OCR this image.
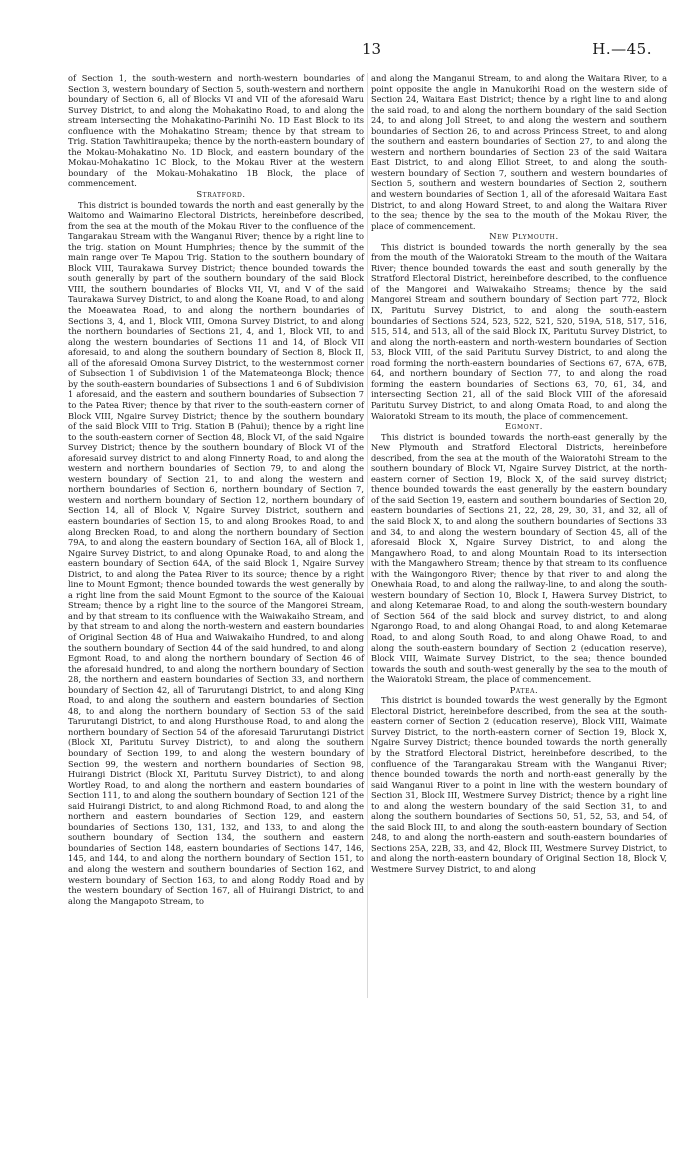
13	H.—45.

of Section 1, the south-western and north-western boundaries of Section 3, western boundary of Section 5, south-western and northern boundary of Section 6, all of Blocks VI and VII of the aforesaid Waru Survey District, to and along the Mohakatino Road, to and along the stream intersecting the Mohakatino-Parinihi No. 1D East Block to its confluence with the Mohakatino Stream; thence by that stream to Trig. Station Tawhitiraupeka; thence by the north-eastern boundary of the Mokau-Mohakatino No. 1D Block, and eastern boundary of the Mokau-Mohakatino 1C Block, to the Mokau River at the western boundary of the Mokau-Mohakatino 1B Block, the place of commencement.

Stratford.

This district is bounded towards the north and east generally by the Waitomo and Waimarino Electoral Districts, hereinbefore described, from the sea at the mouth of the Mokau River to the confluence of the Tangarakau Stream with the Wanganui River; thence by a right line to the trig. station on Mount Humphries; thence by the summit of the main range over Te Mapou Trig. Station to the southern boundary of Block VIII, Taurakawa Survey District; thence bounded towards the south generally by part of the southern boundary of the said Block VIII, the southern boundaries of Blocks VII, VI, and V of the said Taurakawa Survey District, to and along the Koane Road, to and along the Moeawatea Road, to and along the northern boundaries of Sections 3, 4, and 1, Block VIII, Omona Survey District, to and along the northern boundaries of Sections 21, 4, and 1, Block VII, to and along the western boundaries of Sections 11 and 14, of Block VII aforesaid, to and along the southern boundary of Section 8, Block II, all of the aforesaid Omona Survey District, to the westernmost corner of Subsection 1 of Subdivision 1 of the Matemateonga Block; thence by the south-eastern boundaries of Subsections 1 and 6 of Subdivision 1 aforesaid, and the eastern and southern boundaries of Subsection 7 to the Patea River; thence by that river to the south-eastern corner of Block VIII, Ngaire Survey District; thence by the southern boundary of the said Block VIII to Trig. Station B (Pahui); thence by a right line to the south-eastern corner of Section 48, Block VI, of the said Ngaire Survey District; thence by the southern boundary of Block VI of the aforesaid survey district to and along Finnerty Road, to and along the western and northern boundaries of Section 79, to and along the western boundary of Section 21, to and along the western and northern boundaries of Section 6, northern boundary of Section 7, western and northern boundary of Section 12, northern boundary of Section 14, all of Block V, Ngaire Survey District, southern and eastern boundaries of Section 15, to and along Brookes Road, to and along Brecken Road, to and along the northern boundary of Section 79A, to and along the eastern boundary of Section 16A, all of Block 1, Ngaire Survey District, to and along Opunake Road, to and along the eastern boundary of Section 64A, of the said Block 1, Ngaire Survey District, to and along the Patea River to its source; thence by a right line to Mount Egmont; thence bounded towards the west generally by a right line from the said Mount Egmont to the source of the Kaiouai Stream; thence by a right line to the source of the Mangorei Stream, and by that stream to its confluence with the Waiwakaiho Stream, and by that stream to and along the north-western and eastern boundaries of Original Section 48 of Hua and Waiwakaiho Hundred, to and along the southern boundary of Section 44 of the said hundred, to and along Egmont Road, to and along the northern boundary of Section 46 of the aforesaid hundred, to and along the northern boundary of Section 28, the northern and eastern boundaries of Section 33, and northern boundary of Section 42, all of Tarurutangi District, to and along King Road, to and along the southern and eastern boundaries of Section 48, to and along the northern boundary of Section 53 of the said Tarurutangi District, to and along Hursthouse Road, to and along the northern boundary of Section 54 of the aforesaid Tarurutangi District (Block XI, Paritutu Survey District), to and along the southern boundary of Section 199, to and along the western boundary of Section 99, the western and northern boundaries of Section 98, Huirangi District (Block XI, Paritutu Survey District), to and along Wortley Road, to and along the northern and eastern boundaries of Section 111, to and along the southern boundary of Section 121 of the said Huirangi District, to and along Richmond Road, to and along the northern and eastern boundaries of Section 129, and eastern boundaries of Sections 130, 131, 132, and 133, to and along the southern boundary of Section 134, the southern and eastern boundaries of Section 148, eastern boundaries of Sections 147, 146, 145, and 144, to and along the northern boundary of Section 151, to and along the western and southern boundaries of Section 162, and western boundary of Section 163, to and along Roddy Road and by the western boundary of Section 167, all of Huirangi District, to and along the Mangapoto Stream, to

and along the Manganui Stream, to and along the Waitara River, to a point opposite the angle in Manukorihi Road on the western side of Section 24, Waitara East District; thence by a right line to and along the said road, to and along the northern boundary of the said Section 24, to and along Joll Street, to and along the western and southern boundaries of Section 26, to and across Princess Street, to and along the southern and eastern boundaries of Section 27, to and along the western and northern boundaries of Section 23 of the said Waitara East District, to and along Elliot Street, to and along the south-western boundary of Section 7, southern and western boundaries of Section 5, southern and western boundaries of Section 2, southern and western boundaries of Section 1, all of the aforesaid Waitara East District, to and along Howard Street, to and along the Waitara River to the sea; thence by the sea to the mouth of the Mokau River, the place of commencement.

New Plymouth.

This district is bounded towards the north generally by the sea from the mouth of the Waioratoki Stream to the mouth of the Waitara River; thence bounded towards the east and south generally by the Stratford Electoral District, hereinbefore described, to the confluence of the Mangorei and Waiwakaiho Streams; thence by the said Mangorei Stream and southern boundary of Section part 772, Block IX, Paritutu Survey District, to and along the south-eastern boundaries of Sections 524, 523, 522, 521, 520, 519A, 518, 517, 516, 515, 514, and 513, all of the said Block IX, Paritutu Survey District, to and along the north-eastern and north-western boundaries of Section 53, Block VIII, of the said Paritutu Survey District, to and along the road forming the north-eastern boundaries of Sections 67, 67A, 67B, 64, and northern boundary of Section 77, to and along the road forming the eastern boundaries of Sections 63, 70, 61, 34, and intersecting Section 21, all of the said Block VIII of the aforesaid Paritutu Survey District, to and along Omata Road, to and along the Waioratoki Stream to its mouth, the place of commencement.

Egmont.

This district is bounded towards the north-east generally by the New Plymouth and Stratford Electoral Districts, hereinbefore described, from the sea at the mouth of the Waioratohi Stream to the southern boundary of Block VI, Ngaire Survey District, at the north-eastern corner of Section 19, Block X, of the said survey district; thence bounded towards the east generally by the eastern boundary of the said Section 19, eastern and southern boundaries of Section 20, eastern boundaries of Sections 21, 22, 28, 29, 30, 31, and 32, all of the said Block X, to and along the southern boundaries of Sections 33 and 34, to and along the western boundary of Section 45, all of the aforesaid Block X, Ngaire Survey District, to and along the Mangawhero Road, to and along Mountain Road to its intersection with the Mangawhero Stream; thence by that stream to its confluence with the Waingongoro River; thence by that river to and along the Onewhaia Road, to and along the railway-line, to and along the south-western boundary of Section 10, Block I, Hawera Survey District, to and along Ketemarae Road, to and along the south-western boundary of Section 564 of the said block and survey district, to and along Ngarongo Road, to and along Ohangai Road, to and along Ketemarae Road, to and along South Road, to and along Ohawe Road, to and along the south-eastern boundary of Section 2 (education reserve), Block VIII, Waimate Survey District, to the sea; thence bounded towards the south and south-west generally by the sea to the mouth of the Waioratoki Stream, the place of commencement.

Patea.

This district is bounded towards the west generally by the Egmont Electoral District, hereinbefore described, from the sea at the south-eastern corner of Section 2 (education reserve), Block VIII, Waimate Survey District, to the north-eastern corner of Section 19, Block X, Ngaire Survey District; thence bounded towards the north generally by the Stratford Electoral District, hereinbefore described, to the confluence of the Tarangarakau Stream with the Wanganui River; thence bounded towards the north and north-east generally by the said Wanganui River to a point in line with the western boundary of Section 31, Block III, Westmere Survey District; thence by a right line to and along the western boundary of the said Section 31, to and along the southern boundaries of Sections 50, 51, 52, 53, and 54, of the said Block III, to and along the south-eastern boundary of Section 248, to and along the north-eastern and south-eastern boundaries of Sections 25A, 22B, 33, and 42, Block III, Westmere Survey District, to and along the north-eastern boundary of Original Section 18, Block V, Westmere Survey District, to and along
